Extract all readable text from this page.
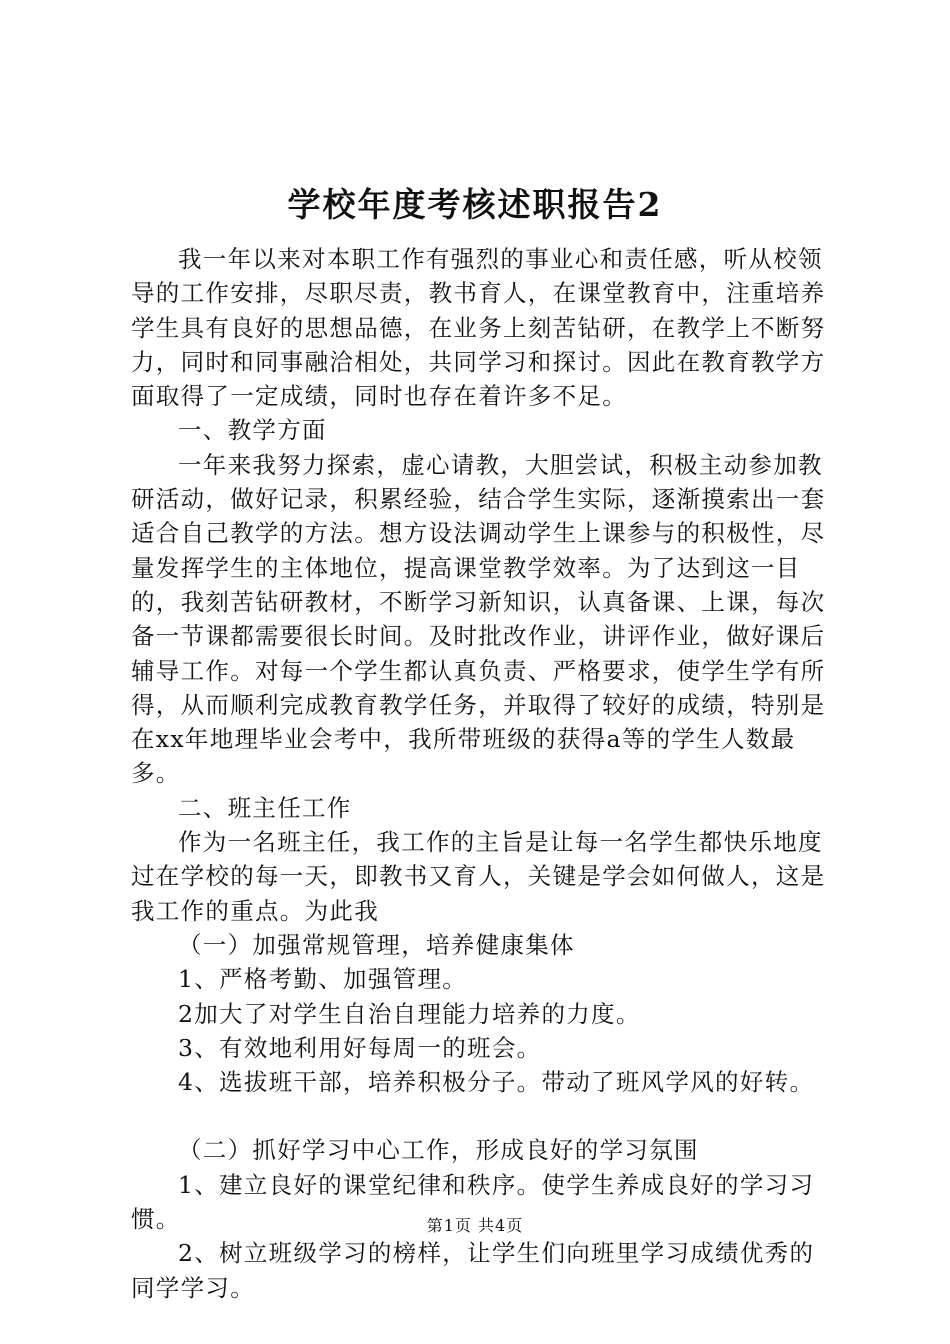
学校年度考核述职报告2

我一年以来对本职工作有强烈的事业心和责任感，听从校领导的工作安排，尽职尽责，教书育人，在课堂教育中，注重培养学生具有良好的思想品德，在业务上刻苦钻研，在教学上不断努力，同时和同事融洽相处，共同学习和探讨。因此在教育教学方面取得了一定成绩，同时也存在着许多不足。

一、教学方面

一年来我努力探索，虚心请教，大胆尝试，积极主动参加教研活动，做好记录，积累经验，结合学生实际，逐渐摸索出一套适合自己教学的方法。想方设法调动学生上课参与的积极性，尽量发挥学生的主体地位，提高课堂教学效率。为了达到这一目的，我刻苦钻研教材，不断学习新知识，认真备课、上课，每次备一节课都需要很长时间。及时批改作业，讲评作业，做好课后辅导工作。对每一个学生都认真负责、严格要求，使学生学有所得，从而顺利完成教育教学任务，并取得了较好的成绩，特别是在xx年地理毕业会考中，我所带班级的获得a等的学生人数最多。

二、班主任工作

作为一名班主任，我工作的主旨是让每一名学生都快乐地度过在学校的每一天，即教书又育人，关键是学会如何做人，这是我工作的重点。为此我

（一）加强常规管理，培养健康集体

1、严格考勤、加强管理。

2加大了对学生自治自理能力培养的力度。

3、有效地利用好每周一的班会。

4、选拔班干部，培养积极分子。带动了班风学风的好转。

（二）抓好学习中心工作，形成良好的学习氛围

1、建立良好的课堂纪律和秩序。使学生养成良好的学习习惯。

2、树立班级学习的榜样，让学生们向班里学习成绩优秀的同学学习。

第1页 共4页
